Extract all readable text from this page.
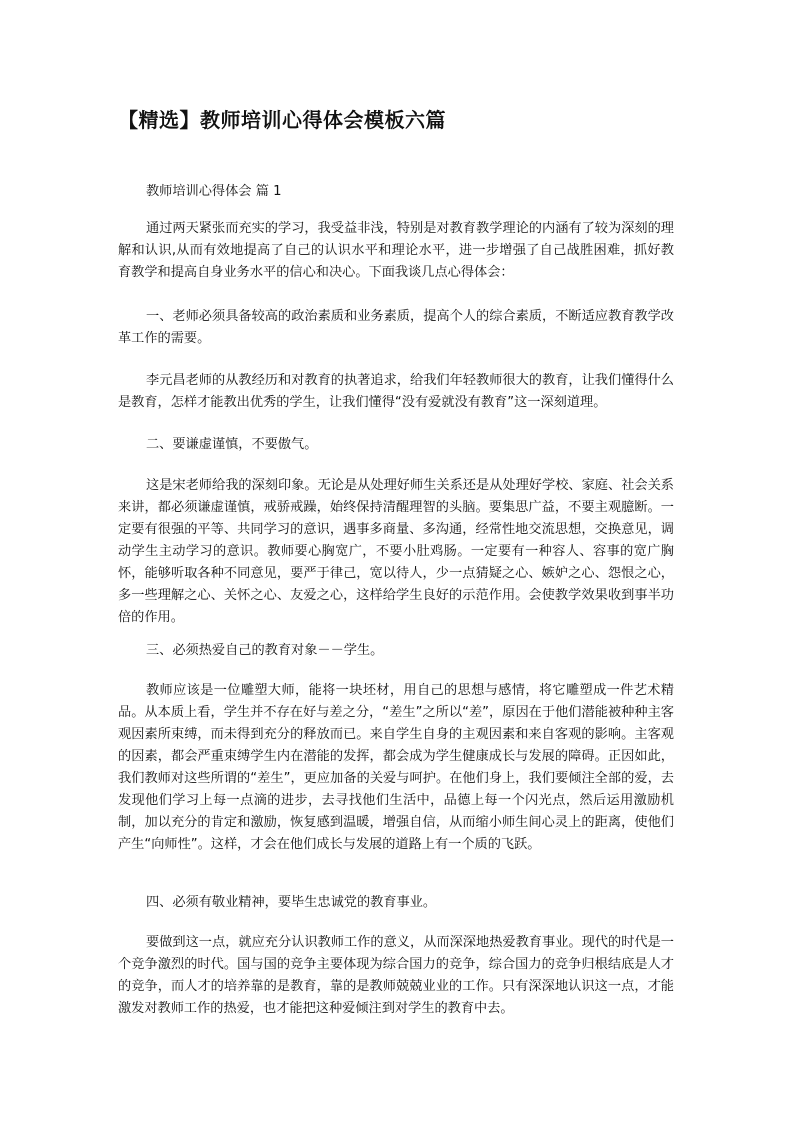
【精选】教师培训心得体会模板六篇
教师培训心得体会 篇 1

通过两天紧张而充实的学习，我受益非浅，特别是对教育教学理论的内涵有了较为深刻的理解和认识,从而有效地提高了自己的认识水平和理论水平，进一步增强了自己战胜困难，抓好教育教学和提高自身业务水平的信心和决心。下面我谈几点心得体会：

一、老师必须具备较高的政治素质和业务素质，提高个人的综合素质，不断适应教育教学改革工作的需要。

李元昌老师的从教经历和对教育的执著追求，给我们年轻教师很大的教育，让我们懂得什么是教育，怎样才能教出优秀的学生，让我们懂得“没有爱就没有教育”这一深刻道理。

二、要谦虚谨慎，不要傲气。

这是宋老师给我的深刻印象。无论是从处理好师生关系还是从处理好学校、家庭、社会关系来讲，都必须谦虚谨慎，戒骄戒躁，始终保持清醒理智的头脑。要集思广益，不要主观臆断。一定要有很强的平等、共同学习的意识，遇事多商量、多沟通，经常性地交流思想，交换意见，调动学生主动学习的意识。教师要心胸宽广，不要小肚鸡肠。一定要有一种容人、容事的宽广胸怀，能够听取各种不同意见，要严于律己，宽以待人，少一点猜疑之心、嫉妒之心、怨恨之心，多一些理解之心、关怀之心、友爱之心，这样给学生良好的示范作用。会使教学效果收到事半功倍的作用。

三、必须热爱自己的教育对象－－学生。

教师应该是一位雕塑大师，能将一块坯材，用自己的思想与感情，将它雕塑成一件艺术精品。从本质上看，学生并不存在好与差之分，“差生”之所以“差”，原因在于他们潜能被种种主客观因素所束缚，而未得到充分的释放而已。来自学生自身的主观因素和来自客观的影响。主客观的因素，都会严重束缚学生内在潜能的发挥，都会成为学生健康成长与发展的障碍。正因如此，我们教师对这些所谓的“差生”，更应加备的关爱与呵护。在他们身上，我们要倾注全部的爱，去发现他们学习上每一点滴的进步，去寻找他们生活中，品德上每一个闪光点，然后运用激励机制，加以充分的肯定和激励，恢复感到温暖，增强自信，从而缩小师生间心灵上的距离，使他们产生“向师性”。这样，才会在他们成长与发展的道路上有一个质的飞跃。

四、必须有敬业精神，要毕生忠诚党的教育事业。

要做到这一点，就应充分认识教师工作的意义，从而深深地热爱教育事业。现代的时代是一个竞争激烈的时代。国与国的竞争主要体现为综合国力的竞争，综合国力的竞争归根结底是人才的竞争，而人才的培养靠的是教育，靠的是教师兢兢业业的工作。只有深深地认识这一点，才能激发对教师工作的热爱，也才能把这种爱倾注到对学生的教育中去。
